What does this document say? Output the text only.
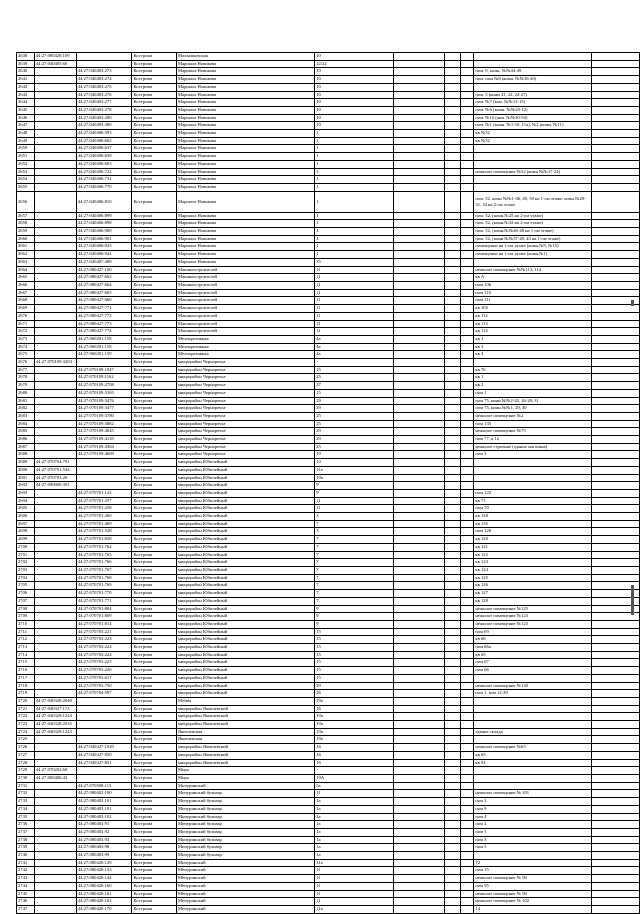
2638	44:27:080428:109		Кострома	Малышковская	10					
2639	44:27:040405:60		Кострома	Маршала Новикова	22/22					
2640		44:27:040403:273	Кострома	Маршала Новикова	10				пом. 9, комн. №№44-49	
2641		44:27:040403:274	Кострома	Маршала Новикова	10				пом. пом №8 (комн. №№16-20)	
2642		44:27:040403:275	Кострома	Маршала Новикова	10					
2643		44:27:040403:276	Кострома	Маршала Новикова	10				пом. 5 (комн 21, 22, 24-27)	
2644		44:27:040403:277	Кострома	Маршала Новикова	10				пом. №7 (ком. №№13-15)	
2645		44:27:040403:278	Кострома	Маршала Новикова	10				пом. №6 (комн. №№20-12)	
2646		44:27:040403:280	Кострома	Маршала Новикова	10				пом. №10 (ком. №№50-54)	
2647		44:27:040403:300	Кострома	Маршала Новикова	10				пом. №1 (комн. №1-10, 11а), №2 (комн. №11)	
2648		44:27:040406:393	Кострома	Маршала Новикова	1				кв №52	
2649		44:27:040406:602	Кострома	Маршала Новикова	1				кв №52	
2650		44:27:040406:637	Кострома	Маршала Новикова	1					
2651		44:27:040406:639	Кострома	Маршала Новикова	1					
2652		44:27:040406:663	Кострома	Маршала Новикова	1					
2653		44:27:040406:722	Кострома	Маршала Новикова	1				нежилое помещение №52 (комн №№17-24)	
2654		44:27:040406:731	Кострома	Маршала Новикова	1					
2655		44:27:040406:770	Кострома	Маршала Новикова	1					
2656		44:27:040406:810	Кострома	Маршала Новикова	1				пом. 52, комн №№1-46, 49, 50 на 1-ом этаже, комн.№28-31, 34 на 2-ом этаже	
2657		44:27:040406:899	Кострома	Маршала Новикова	1				пом. 52, (комн.№25 на 2-ом этаже)	
2658		44:27:040406:898	Кострома	Маршала Новикова	1				пом. 52, (комн.№32 на 2-ом этаже)	
2659		44:27:040406:900	Кострома	Маршала Новикова	1				пом. 52, (комн.№№46-48 на 1-ом этаже)	
2660		44:27:040406:901	Кострома	Маршала Новикова	1				пом. 52, (комн №№37-40, 43 на 1-ом этаже)	
2661		44:27:040406:943	Кострома	Маршала Новикова	1				помещение на 1-ом этаже (комн.№9, №15)	
2662		44:27:040406:944	Кострома	Маршала Новикова	1				помещение на 1-ом этаже (комн.№1)	
2663		44:27:040407:488	Кострома	Маршала Новикова	35					
2664		44:27:080427:100	Кострома	Машиностроителей	11				нежилое помещение №№113, 114	
2665		44:27:080427:662	Кострома	Машиностроителей	11				кв А	
2666		44:27:080427:664	Кострома	Машиностроителей	11				пом 106	
2667		44:27:080427:665	Кострома	Машиностроителей	11				пом 110	
2668		44:27:080427:666	Кострома	Машиностроителей	11				пом 111	
2669		44:27:080427:771	Кострома	Машиностроителей	11				кв 105	
2670		44:27:080427:772	Кострома	Машиностроителей	11				кв 112	
2671		44:27:080427:773	Кострома	Машиностроителей	11				кв 113	
2672		44:27:080427:774	Кострома	Машиностроителей	11				кв 114	
2673		44:27:060201:158	Кострома	Мелиоративная	4а				кв 1	
2674		44:27:060201:158	Кострома	Мелиоративная	4а				кв 3	
2675		44:27:060201:159	Кострома	Мелиоративная	4а				кв 4	
2676	44:27:070109:3203		Кострома	микрорайон Черноречье						
2677		44:27:070109:1047	Кострома	микрорайон Черноречье	15				кв 76	
2678		44:27:070109:1162	Кострома	микрорайон Черноречье	25				кв 1	
2679		44:27:070109:2708	Кострома	микрорайон Черноречье	37				кв 2	
2680		44:27:070109:3165	Кострома	микрорайон Черноречье	15				пом 1	
2681		44:27:070109:3476	Кострома	микрорайон Черноречье	29				пом 75, комн.№№2-20, 26-28, 31	
2682		44:27:070109:3477	Кострома	микрорайон Черноречье	29				пом 75, комн.№№1, 29, 30	
2683		44:27:070109:3780	Кострома	микрорайон Черноречье	25				нежилое помещение №2	
2684		44:27:070109:3882	Кострома	микрорайон Черноречье	25				пом 135	
2685		44:27:070109:4045	Кострома	микрорайон Черноречье	29				нежилое помещение №75	
2686		44:27:070109:4118	Кострома	микрорайон Черноречье	29				пом 77, к 12	
2687		44:27:070109:4364	Кострома	микрорайон Черноречье	25				нежилое строение (здание магазина)	
2688		44:27:070109:4609	Кострома	микрорайон Черноречье	19				пом 3	
2689	44:27:070704:791		Кострома	микрорайон Юбилейный	14					
2690	44:27:070701:544		Кострома	микрорайон Юбилейный	11а					
2691	44:27:070703:26		Кострома	микрорайон Юбилейный	19а					
2692	44:27:000000:301		Кострома	микрорайон Юбилейный	9					
2693		44:27:070701:122	Кострома	микрорайон Юбилейный	9				пом 122	
2694		44:27:070701:257	Кострома	микрорайон Юбилейный	11				кв 71	
2695		44:27:070701:258	Кострома	микрорайон Юбилейный	11				пом 70	
2696		44:27:070701:260	Кострома	микрорайон Юбилейный	3				кв 128	
2697		44:27:070701:469	Кострома	микрорайон Юбилейный	7				кв 135	
2698		44:27:070701:528	Кострома	микрорайон Юбилейный	3				пом 128	
2699		44:27:070701:658	Кострома	микрорайон Юбилейный	7				кв 120	
2700		44:27:070701:764	Кострома	микрорайон Юбилейный	7				кв 121	
2701		44:27:070701:765	Кострома	микрорайон Юбилейный	7				кв 122	
2702		44:27:070701:766	Кострома	микрорайон Юбилейный	7				кв 123	
2703		44:27:070701:767	Кострома	микрорайон Юбилейный	7				кв 124	
2704		44:27:070701:768	Кострома	микрорайон Юбилейный	7				кв 125	
2705		44:27:070701:769	Кострома	микрорайон Юбилейный	7				кв 126	
2706		44:27:070701:770	Кострома	микрорайон Юбилейный	7				кв 127	
2707		44:27:070701:771	Кострома	микрорайон Юбилейный	7				кв 128	
2708		44:27:070701:804	Кострома	микрорайон Юбилейный	9				нежилое помещение №125	
2709		44:27:070701:809	Кострома	микрорайон Юбилейный	9				нежилое помещение №123	
2710		44:27:070701:814	Кострома	микрорайон Юбилейный	9				нежилое помещение №123	
2711		44:27:070703:221	Кострома	микрорайон Юбилейный	15				пом 69	
2712		44:27:070703:223	Кострома	микрорайон Юбилейный	15				кв 68	
2713		44:27:070703:224	Кострома	микрорайон Юбилейный	15				пом 66а	
2714		44:27:070703:224	Кострома	микрорайон Юбилейный	15				кв 65	
2715		44:27:070703:225	Кострома	микрорайон Юбилейный	15				пом 67	
2716		44:27:070703:226	Кострома	микрорайон Юбилейный	15				пом 66	
2717		44:27:070703:617	Кострома	микрорайон Юбилейный	15					
2718		44:27:070703:750	Кострома	микрорайон Юбилейный	29				нежилое помещение №130	
2719		44:27:070704:597	Кострома	микрорайон Юбилейный	26				пом 1, ком 12-29	
2720	44:27:040328:2040		Кострома	Molnia	19а					
2721	44:27:040327:173		Кострома	микрорайон Яковлевский	16					
2722	44:27:040328:1244		Кострома	микрорайон Яковлевский	19а					
2723	44:27:040328:2035		Кострома	микрорайон Яковлевский	19а					
2724	44:27:040328:1243		Кострома	Яковлевская	19а				здание склада	
2725			Кострома	Яковлевская	19а					
2726		44:27:040327:1920	Кострома	микрорайон Яковлевский	16				нежилое помещение №65	
2727		44:27:040327:850	Кострома	микрорайон Яковлевский	16				кв 65	
2728		44:27:040327:851	Кострома	микрорайон Яковлевский	16				кв 94	
2729	44:27:070202:60		Кострома	Мира						
2730	44:27:000406:43		Кострома	Мира	19А					
2731		44:27:070508:113	Кострома	Мичуринский	5а					
2732		44:27:080402:100	Кострома	Мичуринский бульвар	11				нежилое помещение № 101	
2733		44:27:080402:101	Кострома	Мичуринский бульвар	1а				пом 3	
2734		44:27:080403:101	Кострома	Мичуринский бульвар	1а				пом 9	
2735		44:27:080403:102	Кострома	Мичуринский бульвар	1а				пом 4	
2736		44:27:080403:91	Кострома	Мичуринский бульвар	1а				пом 2	
2737		44:27:080403:92	Кострома	Мичуринский бульвар	1а				пом 1	
2738		44:27:080403:93	Кострома	Мичуринский бульвар	1а				пом 3	
2739		44:27:080403:98	Кострома	Мичуринский бульвар	1а				пом 5	
2740		44:27:080403:99	Кострома	Мичуринский бульвар	1а					
2741		44:27:080420:129	Кострома	Мичуринский	11а				72	
2742		44:27:080420:133	Кострома	Мичуринский	11				пом 15	
2743		44:27:080420:144	Кострома	Мичуринский	11				нежилое помещение № 90	
2744		44:27:080420:160	Кострома	Мичуринский	11				пом 95	
2745		44:27:080420:161	Кострома	Мичуринский	11				нежилое помещение № 90	
2746		44:27:080420:162	Кострома	Мичуринский	11				нежилое помещение № 102	
2747		44:27:080420:170	Кострома	Мичуринский	11а				14	
